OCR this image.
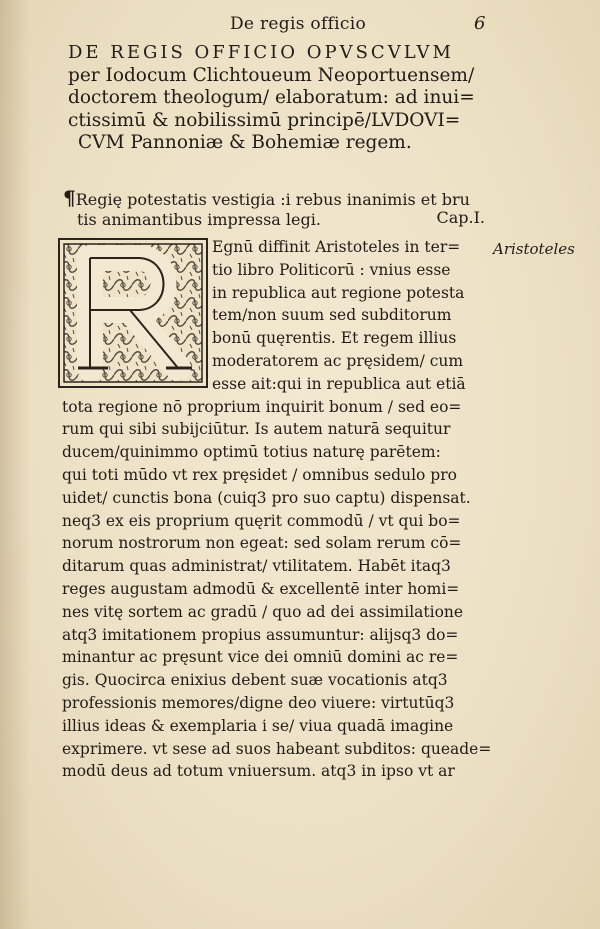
De regis officio	6
DE REGIS OFFICIO OPVSCVLVM
per Iodocum Clichtoueum Neoportuensem/
doctorem theologum/ elaboratum: ad inui=
ctissimū & nobilissimū principē/LVDOVI=
CVM Pannoniæ & Bohemiæ regem.
¶Regię potestatis vestigia :i rebus inanimis et bru
tis animantibus impressa legi.	Cap.I.
Aristoteles
Egnū diffinit Aristoteles in ter=
tio libro Politicorū : vnius esse
in republica aut regione potesta
tem/non suum sed subditorum
bonū quęrentis. Et regem illius
moderatorem ac pręsidem/ cum
esse ait:qui in republica aut etiā
tota regione nō proprium inquirit bonum / sed eo=
rum qui sibi subijciūtur. Is autem naturā sequitur
ducem/quinimmo optimū totius naturę parētem:
qui toti mūdo vt rex pręsidet / omnibus sedulo pro
uidet/ cunctis bona (cuiq3 pro suo captu) dispensat.
neq3 ex eis proprium quęrit commodū / vt qui bo=
norum nostrorum non egeat: sed solam rerum cō=
ditarum quas administrat/ vtilitatem. Habēt itaq3
reges augustam admodū & excellentē inter homi=
nes vitę sortem ac gradū / quo ad dei assimilatione
atq3 imitationem propius assumuntur: alijsq3 do=
minantur ac pręsunt vice dei omniū domini ac re=
gis. Quocirca enixius debent suæ vocationis atq3
professionis memores/digne deo viuere: virtutūq3
illius ideas & exemplaria i se/ viua quadā imagine
exprimere. vt sese ad suos habeant subditos: queade=
modū deus ad totum vniuersum. atq3 in ipso vt ar
